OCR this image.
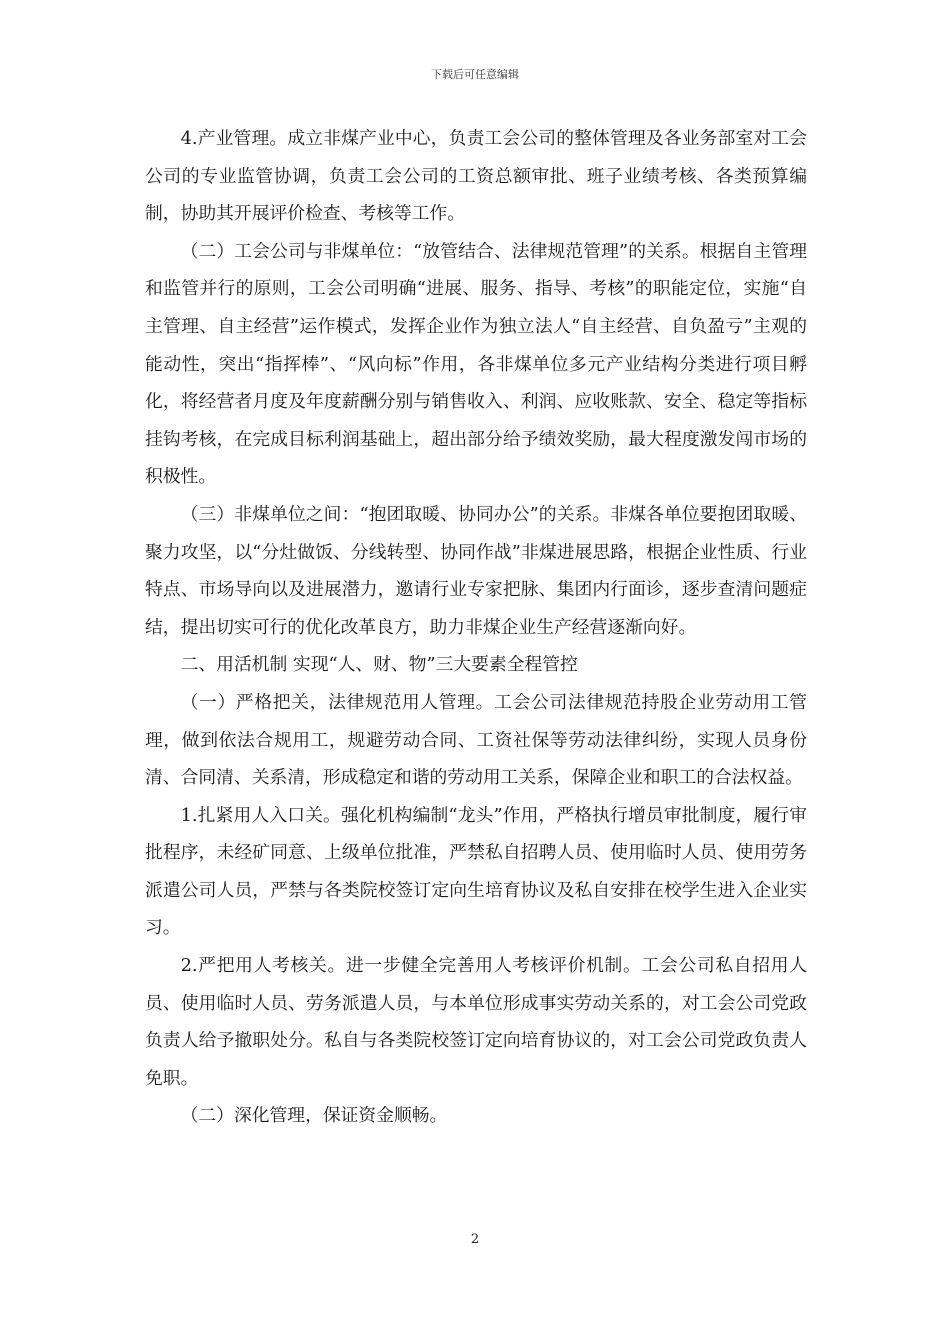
下载后可任意编辑

4.产业管理。成立非煤产业中心，负责工会公司的整体管理及各业务部室对工会公司的专业监管协调，负责工会公司的工资总额审批、班子业绩考核、各类预算编制，协助其开展评价检查、考核等工作。

（二）工会公司与非煤单位：“放管结合、法律规范管理”的关系。根据自主管理和监管并行的原则，工会公司明确“进展、服务、指导、考核”的职能定位，实施“自主管理、自主经营”运作模式，发挥企业作为独立法人“自主经营、自负盈亏”主观的能动性，突出“指挥棒”、“风向标”作用，各非煤单位多元产业结构分类进行项目孵化，将经营者月度及年度薪酬分别与销售收入、利润、应收账款、安全、稳定等指标挂钩考核，在完成目标利润基础上，超出部分给予绩效奖励，最大程度激发闯市场的积极性。

（三）非煤单位之间：“抱团取暖、协同办公”的关系。非煤各单位要抱团取暖、聚力攻坚，以“分灶做饭、分线转型、协同作战”非煤进展思路，根据企业性质、行业特点、市场导向以及进展潜力，邀请行业专家把脉、集团内行面诊，逐步查清问题症结，提出切实可行的优化改革良方，助力非煤企业生产经营逐渐向好。

二、用活机制 实现“人、财、物”三大要素全程管控

（一）严格把关，法律规范用人管理。工会公司法律规范持股企业劳动用工管理，做到依法合规用工，规避劳动合同、工资社保等劳动法律纠纷，实现人员身份清、合同清、关系清，形成稳定和谐的劳动用工关系，保障企业和职工的合法权益。

1.扎紧用人入口关。强化机构编制“龙头”作用，严格执行增员审批制度，履行审批程序，未经矿同意、上级单位批准，严禁私自招聘人员、使用临时人员、使用劳务派遣公司人员，严禁与各类院校签订定向生培育协议及私自安排在校学生进入企业实习。

2.严把用人考核关。进一步健全完善用人考核评价机制。工会公司私自招用人员、使用临时人员、劳务派遣人员，与本单位形成事实劳动关系的，对工会公司党政负责人给予撤职处分。私自与各类院校签订定向培育协议的，对工会公司党政负责人免职。

（二）深化管理，保证资金顺畅。

2
